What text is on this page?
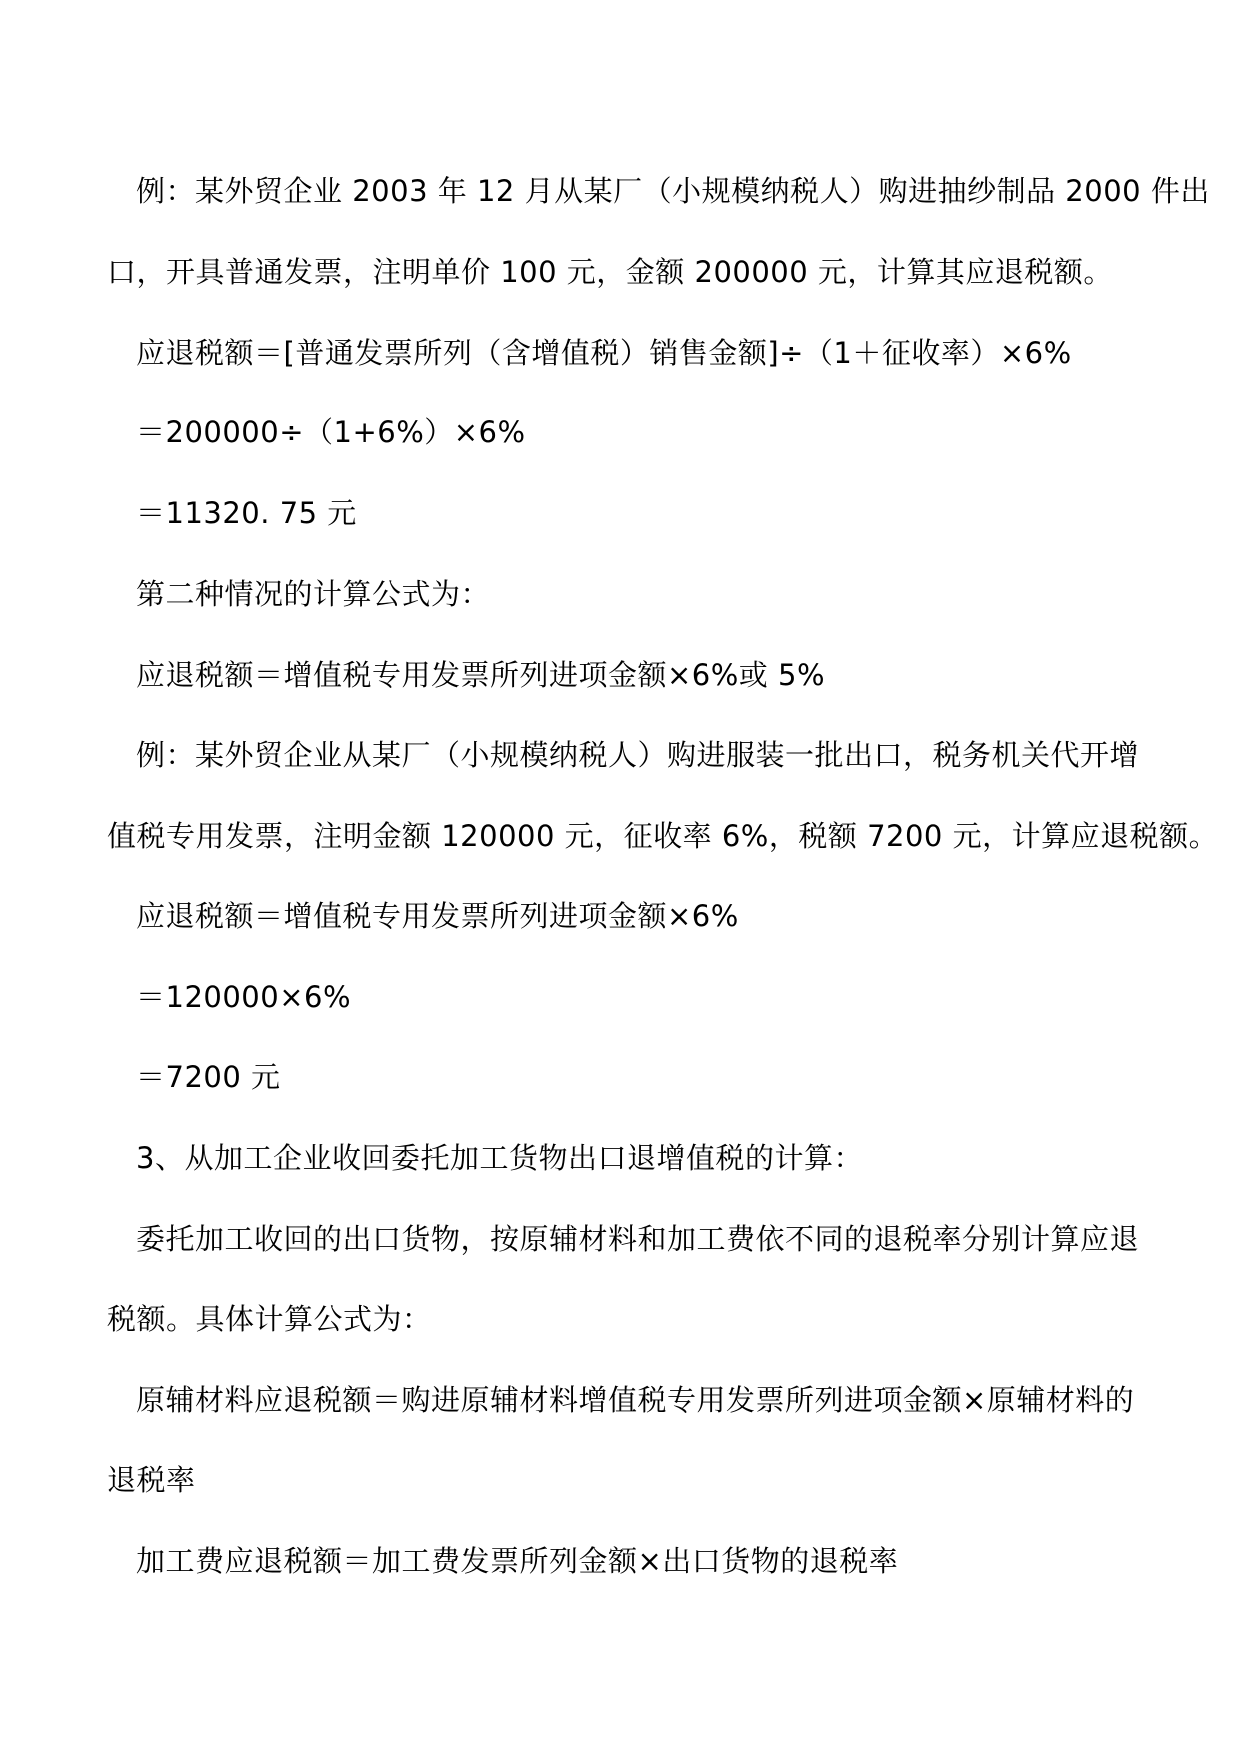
例：某外贸企业 2003 年 12 月从某厂（小规模纳税人）购进抽纱制品 2000 件出
口，开具普通发票，注明单价 100 元，金额 200000 元，计算其应退税额。
应退税额＝[普通发票所列（含增值税）销售金额]÷（1＋征收率）×6%
＝200000÷（1+6%）×6%
＝11320. 75 元
第二种情况的计算公式为：
应退税额＝增值税专用发票所列进项金额×6%或 5%
例：某外贸企业从某厂（小规模纳税人）购进服装一批出口，税务机关代开增
值税专用发票，注明金额 120000 元，征收率 6%，税额 7200 元，计算应退税额。
应退税额＝增值税专用发票所列进项金额×6%
＝120000×6%
＝7200 元
3、从加工企业收回委托加工货物出口退增值税的计算：
委托加工收回的出口货物，按原辅材料和加工费依不同的退税率分别计算应退
税额。具体计算公式为：
原辅材料应退税额＝购进原辅材料增值税专用发票所列进项金额×原辅材料的
退税率
加工费应退税额＝加工费发票所列金额×出口货物的退税率
